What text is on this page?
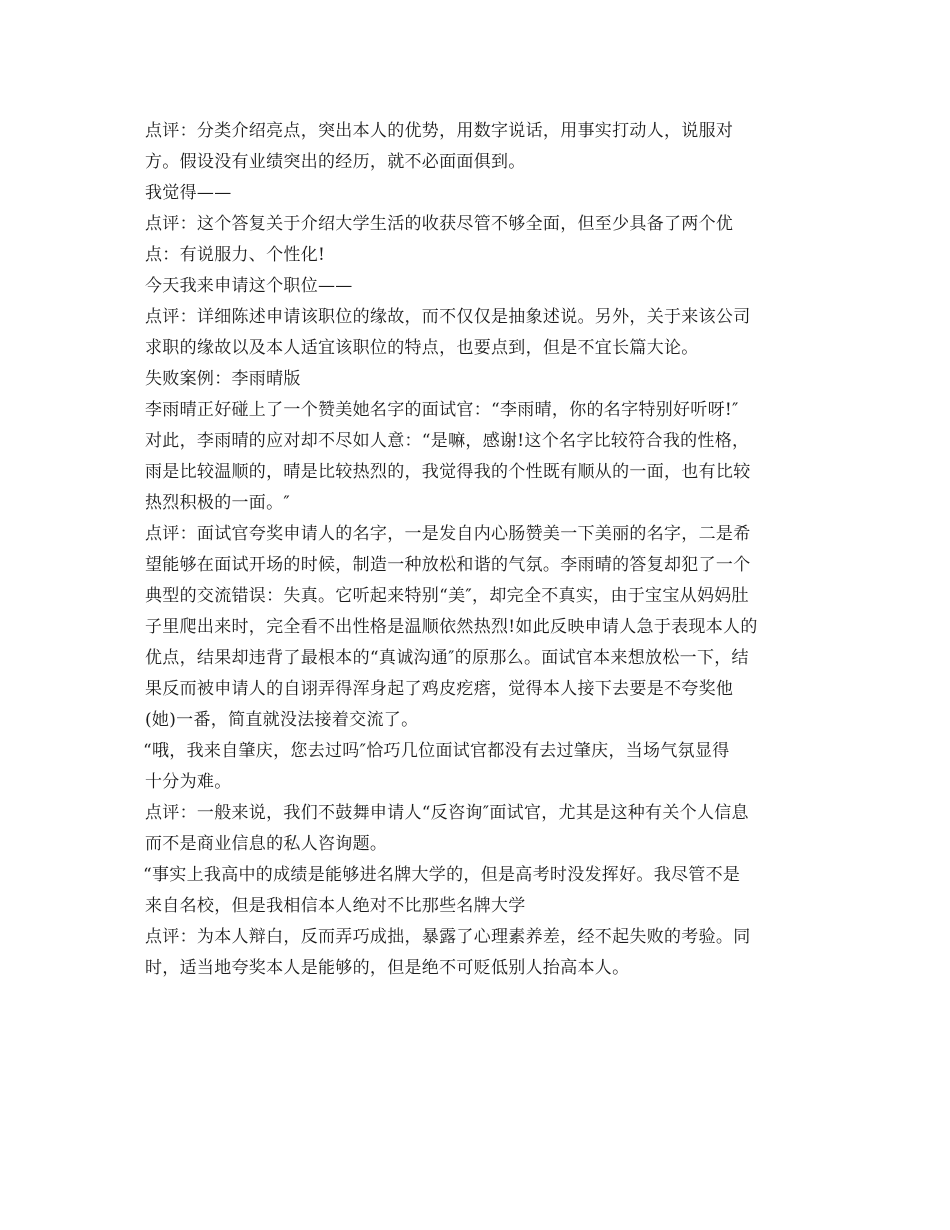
点评：分类介绍亮点，突出本人的优势，用数字说话，用事实打动人，说服对
方。假设没有业绩突出的经历，就不必面面俱到。
我觉得——
点评：这个答复关于介绍大学生活的收获尽管不够全面，但至少具备了两个优
点：有说服力、个性化!
今天我来申请这个职位——
点评：详细陈述申请该职位的缘故，而不仅仅是抽象述说。另外，关于来该公司
求职的缘故以及本人适宜该职位的特点，也要点到，但是不宜长篇大论。
失败案例：李雨晴版
李雨晴正好碰上了一个赞美她名字的面试官：“李雨晴，你的名字特别好听呀!″
对此，李雨晴的应对却不尽如人意：“是嘛，感谢!这个名字比较符合我的性格，
雨是比较温顺的，晴是比较热烈的，我觉得我的个性既有顺从的一面，也有比较
热烈积极的一面。″
点评：面试官夸奖申请人的名字，一是发自内心肠赞美一下美丽的名字，二是希
望能够在面试开场的时候，制造一种放松和谐的气氛。李雨晴的答复却犯了一个
典型的交流错误：失真。它听起来特别“美″，却完全不真实，由于宝宝从妈妈肚
子里爬出来时，完全看不出性格是温顺依然热烈!如此反映申请人急于表现本人的
优点，结果却违背了最根本的“真诚沟通″的原那么。面试官本来想放松一下，结
果反而被申请人的自诩弄得浑身起了鸡皮疙瘩，觉得本人接下去要是不夸奖他
(她)一番，简直就没法接着交流了。
“哦，我来自肇庆，您去过吗″恰巧几位面试官都没有去过肇庆，当场气氛显得
十分为难。
点评：一般来说，我们不鼓舞申请人“反咨询″面试官，尤其是这种有关个人信息
而不是商业信息的私人咨询题。
“事实上我高中的成绩是能够进名牌大学的，但是高考时没发挥好。我尽管不是
来自名校，但是我相信本人绝对不比那些名牌大学
点评：为本人辩白，反而弄巧成拙，暴露了心理素养差，经不起失败的考验。同
时，适当地夸奖本人是能够的，但是绝不可贬低别人抬高本人。
